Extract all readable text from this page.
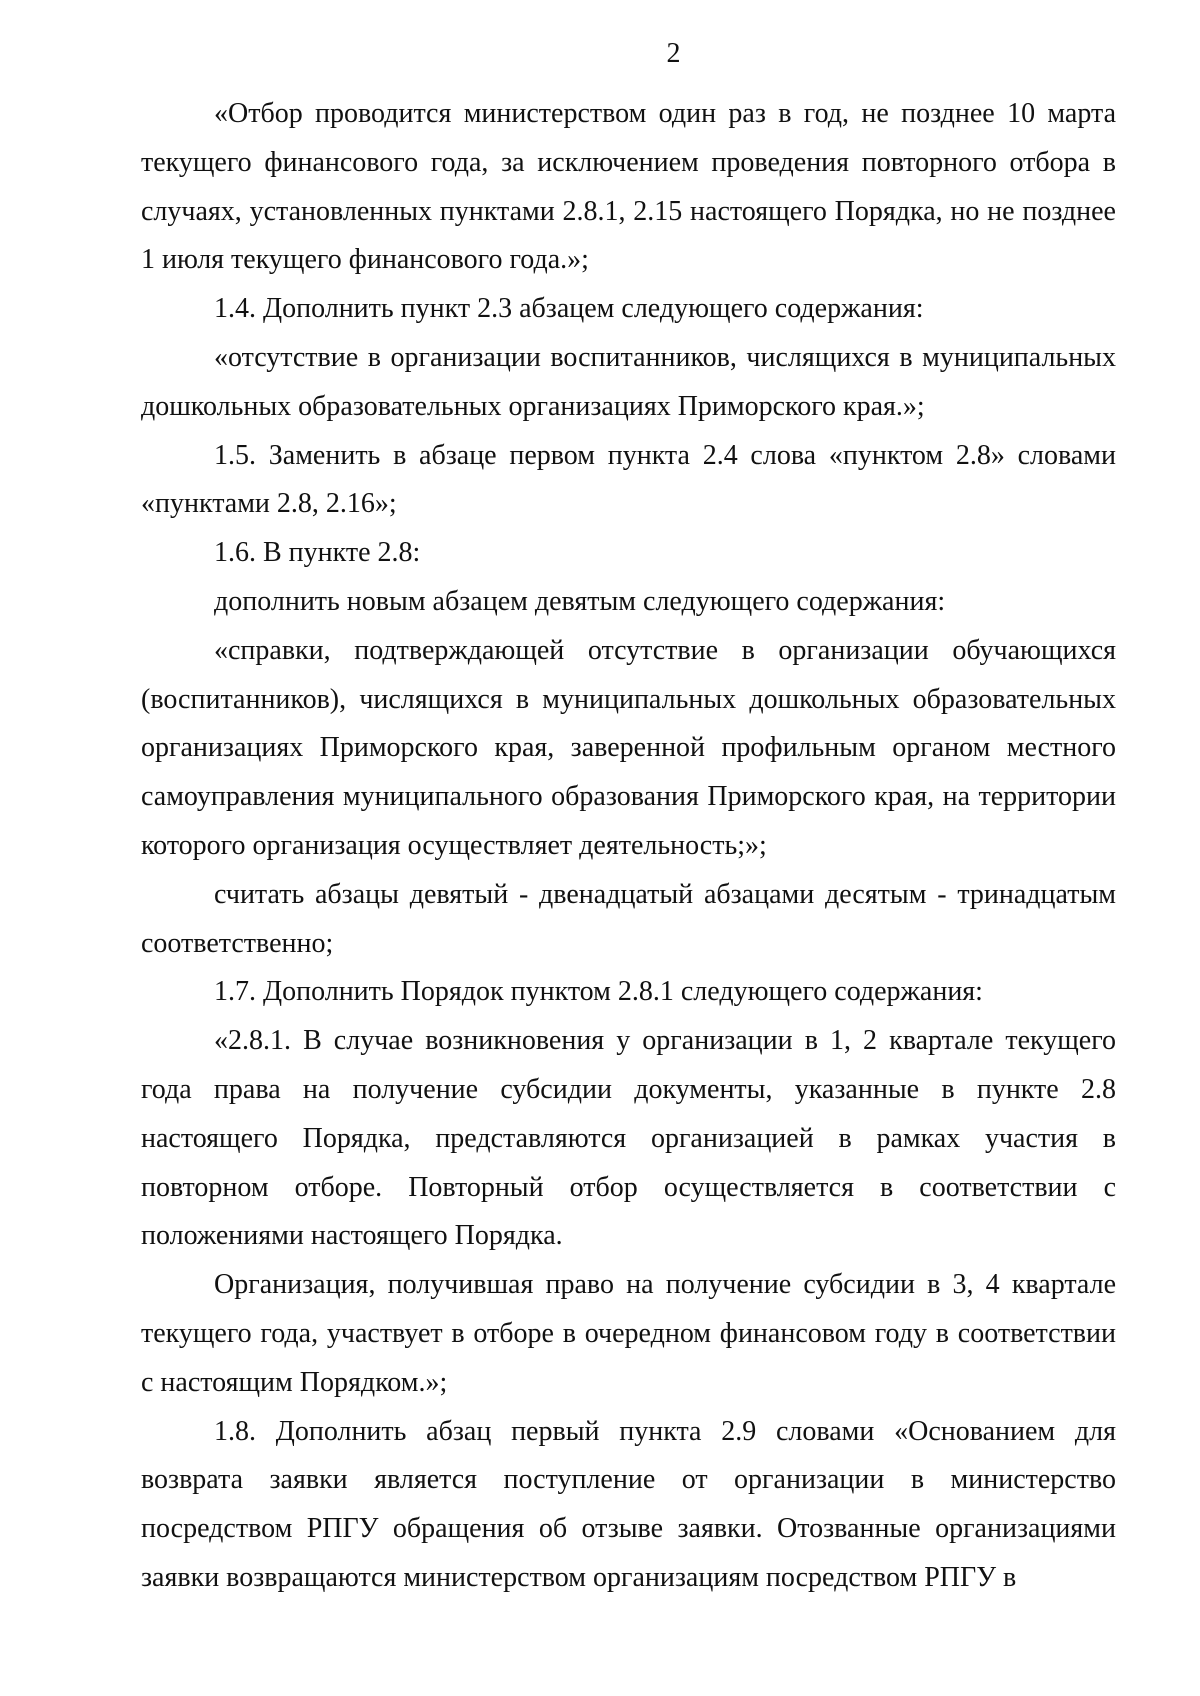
2

«Отбор проводится министерством один раз в год, не позднее 10 марта текущего финансового года, за исключением проведения повторного отбора в случаях, установленных пунктами 2.8.1, 2.15 настоящего Порядка, но не позднее 1 июля текущего финансового года.»;

1.4. Дополнить пункт 2.3 абзацем следующего содержания:

«отсутствие в организации воспитанников, числящихся в муниципальных дошкольных образовательных организациях Приморского края.»;

1.5. Заменить в абзаце первом пункта 2.4 слова «пунктом 2.8» словами «пунктами 2.8, 2.16»;

1.6. В пункте 2.8:

дополнить новым абзацем девятым следующего содержания:

«справки, подтверждающей отсутствие в организации обучающихся (воспитанников), числящихся в муниципальных дошкольных образовательных организациях Приморского края, заверенной профильным органом местного самоуправления муниципального образования Приморского края, на территории которого организация осуществляет деятельность;»;

считать абзацы девятый - двенадцатый абзацами десятым - тринадцатым соответственно;

1.7. Дополнить Порядок пунктом 2.8.1 следующего содержания:

«2.8.1. В случае возникновения у организации в 1, 2 квартале текущего года права на получение субсидии документы, указанные в пункте 2.8 настоящего Порядка, представляются организацией в рамках участия в повторном отборе. Повторный отбор осуществляется в соответствии с положениями настоящего Порядка.

Организация, получившая право на получение субсидии в 3, 4 квартале текущего года, участвует в отборе в очередном финансовом году в соответствии с настоящим Порядком.»;

1.8. Дополнить абзац первый пункта 2.9 словами «Основанием для возврата заявки является поступление от организации в министерство посредством РПГУ обращения об отзыве заявки. Отозванные организациями заявки возвращаются министерством организациям посредством РПГУ в
